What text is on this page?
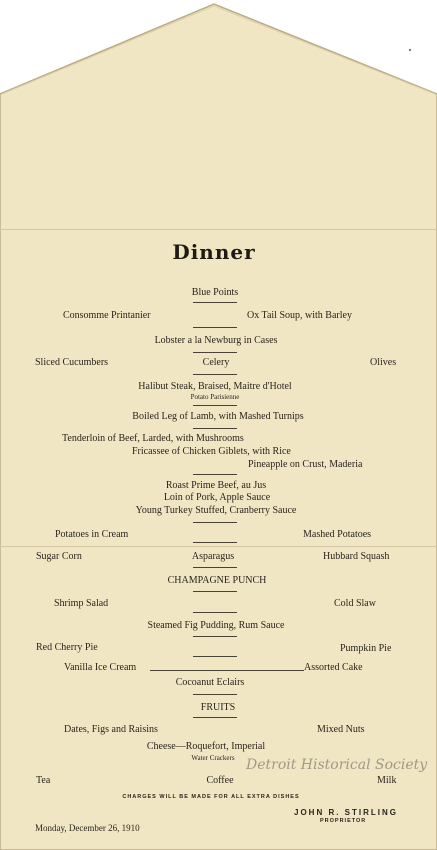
Dinner
Blue Points
Consomme Printanier	Ox Tail Soup, with Barley
Lobster a la Newburg in Cases
Sliced Cucumbers	Celery	Olives
Halibut Steak, Braised, Maitre d'Hotel
Potato Parisienne
Boiled Leg of Lamb, with Mashed Turnips
Tenderloin of Beef, Larded, with Mushrooms
Fricassee of Chicken Giblets, with Rice
Pineapple on Crust, Maderia
Roast Prime Beef, au Jus
Loin of Pork, Apple Sauce
Young Turkey Stuffed, Cranberry Sauce
Potatoes in Cream	Mashed Potatoes
Sugar Corn	Asparagus	Hubbard Squash
CHAMPAGNE PUNCH
Shrimp Salad	Cold Slaw
Steamed Fig Pudding, Rum Sauce
Red Cherry Pie	Pumpkin Pie
Vanilla Ice Cream	Assorted Cake
Cocoanut Eclairs
FRUITS
Dates, Figs and Raisins	Mixed Nuts
Cheese—Roquefort, Imperial
Water Crackers
Tea	Coffee	Milk
CHARGES WILL BE MADE FOR ALL EXTRA DISHES
JOHN R. STIRLING
PROPRIETOR
Monday, December 26, 1910
Detroit Historical Society
